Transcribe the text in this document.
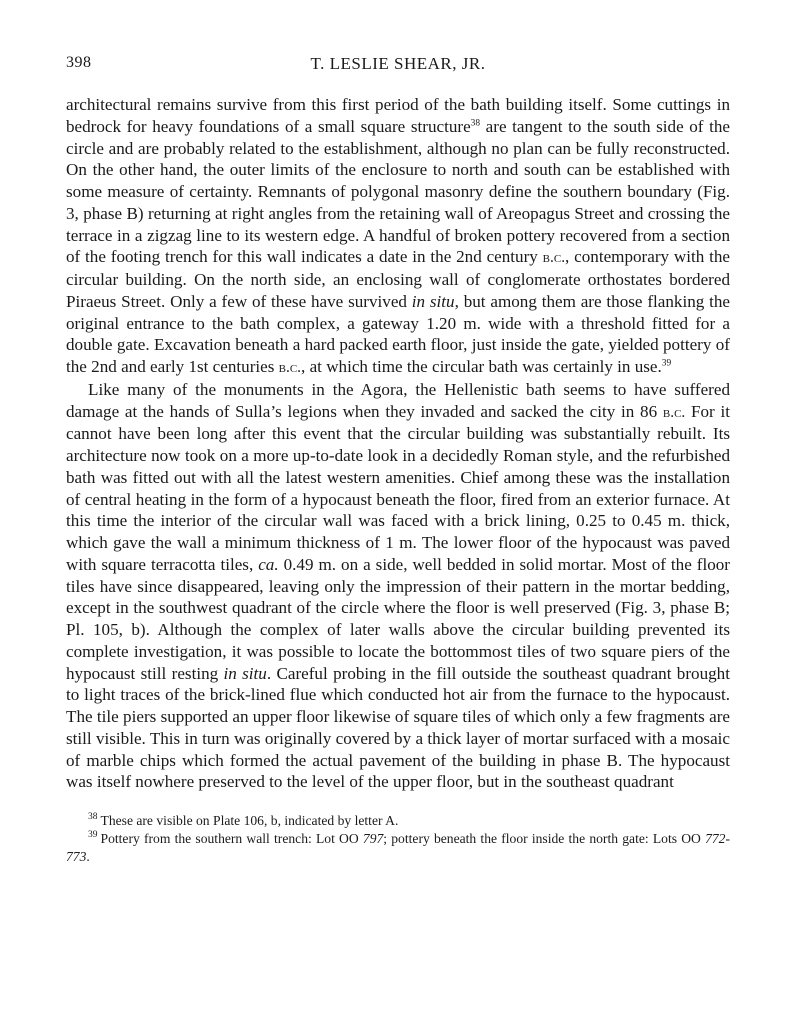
398	T. LESLIE SHEAR, JR.

architectural remains survive from this first period of the bath building itself. Some cuttings in bedrock for heavy foundations of a small square structure$^{38}$ are tangent to the south side of the circle and are probably related to the establishment, although no plan can be fully reconstructed. On the other hand, the outer limits of the enclosure to north and south can be established with some measure of certainty. Remnants of polygonal masonry define the southern boundary (Fig. 3, phase B) returning at right angles from the retaining wall of Areopagus Street and crossing the terrace in a zigzag line to its western edge. A handful of broken pottery recovered from a section of the footing trench for this wall indicates a date in the 2nd century b.c., contemporary with the circular building. On the north side, an enclosing wall of conglomerate orthostates bordered Piraeus Street. Only a few of these have survived in situ, but among them are those flanking the original entrance to the bath complex, a gateway 1.20 m. wide with a threshold fitted for a double gate. Excavation beneath a hard packed earth floor, just inside the gate, yielded pottery of the 2nd and early 1st centuries b.c., at which time the circular bath was certainly in use.$^{39}$

Like many of the monuments in the Agora, the Hellenistic bath seems to have suffered damage at the hands of Sulla’s legions when they invaded and sacked the city in 86 b.c. For it cannot have been long after this event that the circular building was substantially rebuilt. Its architecture now took on a more up-to-date look in a decidedly Roman style, and the refurbished bath was fitted out with all the latest western amenities. Chief among these was the installation of central heating in the form of a hypocaust beneath the floor, fired from an exterior furnace. At this time the interior of the circular wall was faced with a brick lining, 0.25 to 0.45 m. thick, which gave the wall a minimum thickness of 1 m. The lower floor of the hypocaust was paved with square terracotta tiles, ca. 0.49 m. on a side, well bedded in solid mortar. Most of the floor tiles have since disappeared, leaving only the impression of their pattern in the mortar bedding, except in the southwest quadrant of the circle where the floor is well preserved (Fig. 3, phase B; Pl. 105, b). Although the complex of later walls above the circular building prevented its complete investigation, it was possible to locate the bottommost tiles of two square piers of the hypocaust still resting in situ. Careful probing in the fill outside the southeast quadrant brought to light traces of the brick-lined flue which conducted hot air from the furnace to the hypocaust. The tile piers supported an upper floor likewise of square tiles of which only a few fragments are still visible. This in turn was originally covered by a thick layer of mortar surfaced with a mosaic of marble chips which formed the actual pavement of the building in phase B. The hypocaust was itself nowhere preserved to the level of the upper floor, but in the southeast quadrant

$^{38}$ These are visible on Plate 106, b, indicated by letter A.

$^{39}$ Pottery from the southern wall trench: Lot OO 797; pottery beneath the floor inside the north gate: Lots OO 772-773.
